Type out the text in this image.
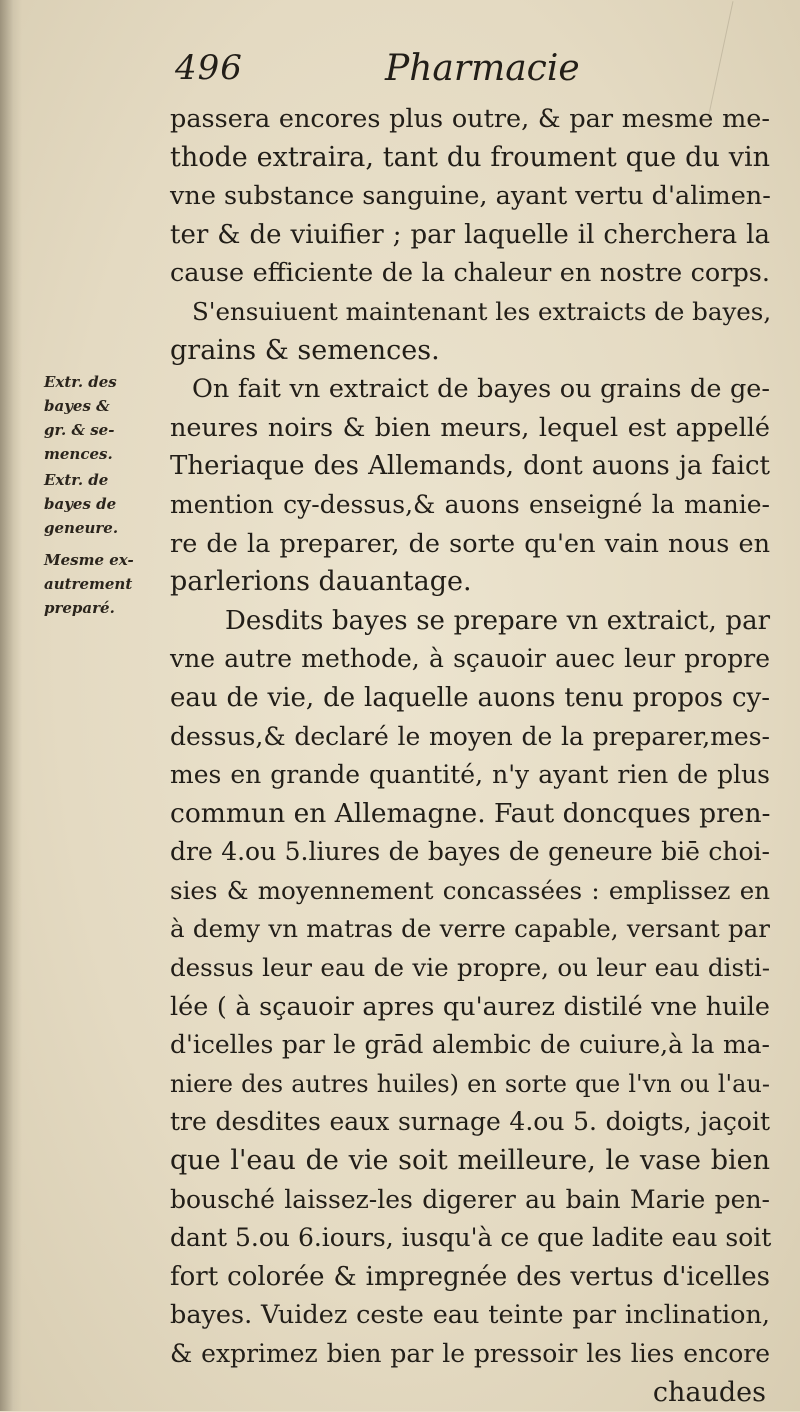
496	Pharmacie
Extr. des
bayes &
gr. & se-
mences.
Extr. de
bayes de
geneure.
Mesme ex-
autrement
preparé.
passera encores plus outre, & par mesme me-
thode extraira, tant du froument que du vin
vne substance sanguine, ayant vertu d'alimen-
ter & de viuifier ; par laquelle il cherchera la
cause efficiente de la chaleur en nostre corps.
S'ensuiuent maintenant les extraicts de bayes,
grains & semences.
On fait vn extraict de bayes ou grains de ge-
neures noirs & bien meurs, lequel est appellé
Theriaque des Allemands, dont auons ja faict
mention cy-dessus,& auons enseigné la manie-
re de la preparer, de sorte qu'en vain nous en
parlerions dauantage.
Desdits bayes se prepare vn extraict, par
vne autre methode, à sçauoir auec leur propre
eau de vie, de laquelle auons tenu propos cy-
dessus,& declaré le moyen de la preparer,mes-
mes en grande quantité, n'y ayant rien de plus
commun en Allemagne. Faut doncques pren-
dre 4.ou 5.liures de bayes de geneure biē choi-
sies & moyennement concassées : emplissez en
à demy vn matras de verre capable, versant par
dessus leur eau de vie propre, ou leur eau disti-
lée ( à sçauoir apres qu'aurez distilé vne huile
d'icelles par le grād alembic de cuiure,à la ma-
niere des autres huiles) en sorte que l'vn ou l'au-
tre desdites eaux surnage 4.ou 5. doigts, jaçoit
que l'eau de vie soit meilleure, le vase bien
bousché laissez-les digerer au bain Marie pen-
dant 5.ou 6.iours, iusqu'à ce que ladite eau soit
fort colorée & impregnée des vertus d'icelles
bayes. Vuidez ceste eau teinte par inclination,
& exprimez bien par le pressoir les lies encore
chaudes
